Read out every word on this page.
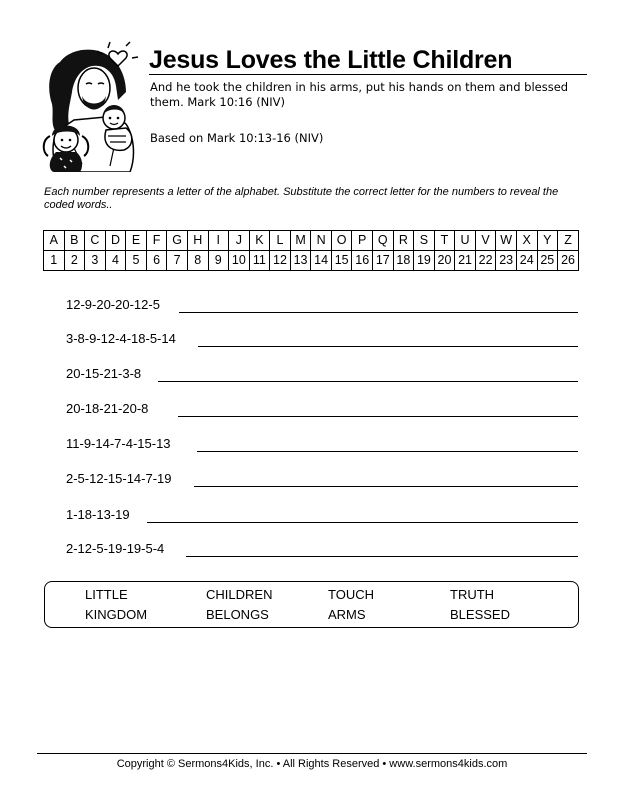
Jesus Loves the Little Children
And he took the children in his arms, put his hands on them and blessed them. Mark 10:16 (NIV)
Based on Mark 10:13-16 (NIV)
Each number represents a letter of the alphabet. Substitute the correct letter for the numbers to reveal the coded words..
A	B	C	D	E	F	G	H	I	J	K	L	M	N	O	P	Q	R	S	T	U	V	W	X	Y	Z
1	2	3	4	5	6	7	8	9	10	11	12	13	14	15	16	17	18	19	20	21	22	23	24	25	26
12-9-20-20-12-5
3-8-9-12-4-18-5-14
20-15-21-3-8
20-18-21-20-8
11-9-14-7-4-15-13
2-5-12-15-14-7-19
1-18-13-19
2-12-5-19-19-5-4
LITTLE	CHILDREN	TOUCH	TRUTH
KINGDOM	BELONGS	ARMS	BLESSED
Copyright © Sermons4Kids, Inc. • All Rights Reserved • www.sermons4kids.com
